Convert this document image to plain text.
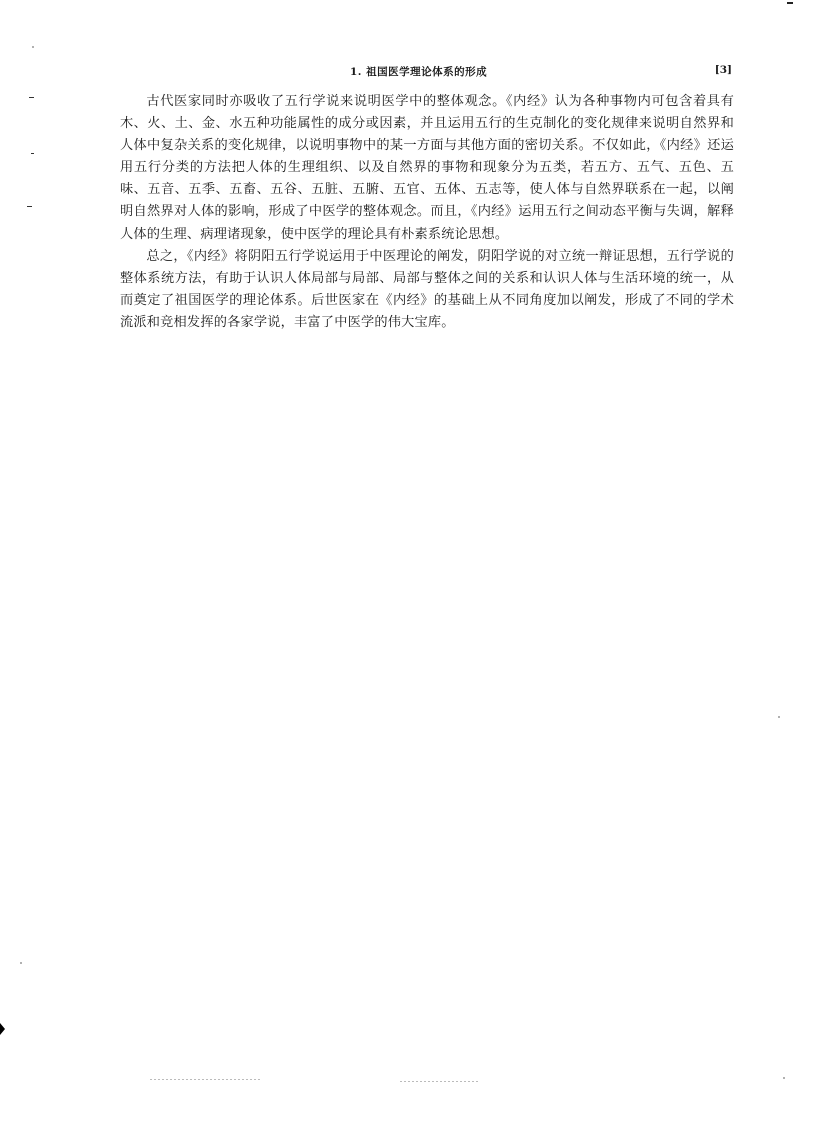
1. 祖国医学理论体系的形成	[3]

古代医家同时亦吸收了五行学说来说明医学中的整体观念。《内经》认为各种事物内可包含着具有木、火、土、金、水五种功能属性的成分或因素，并且运用五行的生克制化的变化规律来说明自然界和人体中复杂关系的变化规律，以说明事物中的某一方面与其他方面的密切关系。不仅如此，《内经》还运用五行分类的方法把人体的生理组织、以及自然界的事物和现象分为五类，若五方、五气、五色、五味、五音、五季、五畜、五谷、五脏、五腑、五官、五体、五志等，使人体与自然界联系在一起，以阐明自然界对人体的影响，形成了中医学的整体观念。而且，《内经》运用五行之间动态平衡与失调，解释人体的生理、病理诸现象，使中医学的理论具有朴素系统论思想。

总之，《内经》将阴阳五行学说运用于中医理论的阐发，阴阳学说的对立统一辩证思想，五行学说的整体系统方法，有助于认识人体局部与局部、局部与整体之间的关系和认识人体与生活环境的统一，从而奠定了祖国医学的理论体系。后世医家在《内经》的基础上从不同角度加以阐发，形成了不同的学术流派和竞相发挥的各家学说，丰富了中医学的伟大宝库。
